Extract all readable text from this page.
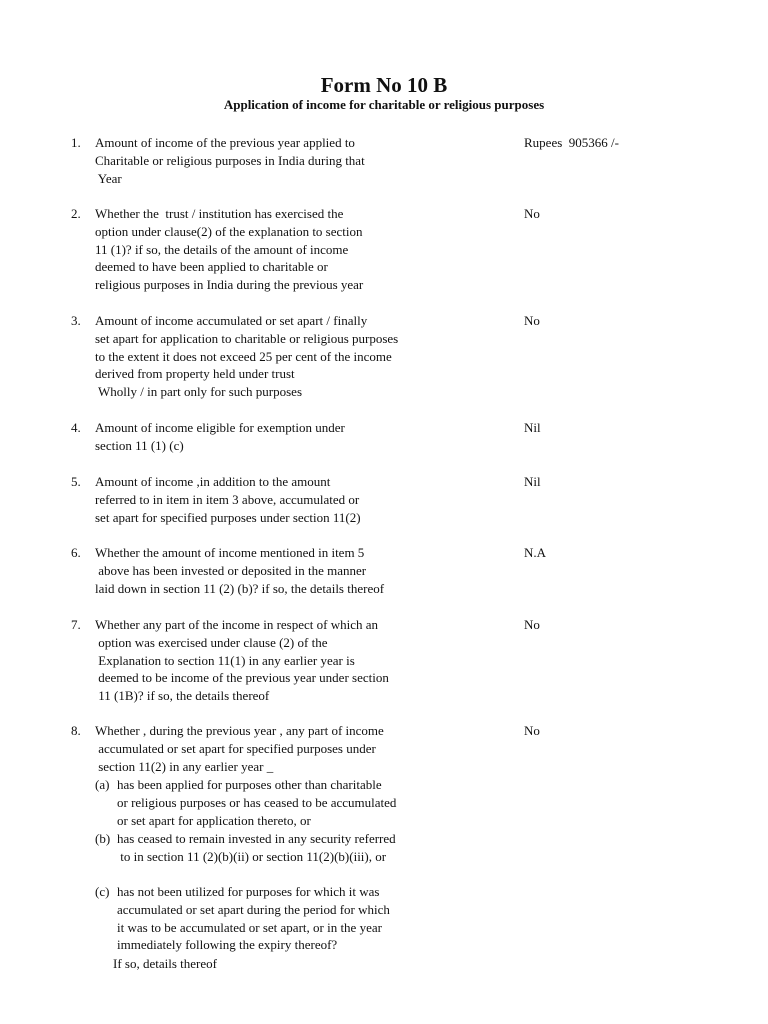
Form No 10 B
Application of income for charitable or religious purposes
1. Amount of income of the previous year applied to
Charitable or religious purposes in India during that
Year
Rupees  905366 /-
2. Whether the  trust / institution has exercised the
option under clause(2) of the explanation to section
11 (1)? if so, the details of the amount of income
deemed to have been applied to charitable or
religious purposes in India during the previous year
No
3. Amount of income accumulated or set apart / finally
set apart for application to charitable or religious purposes
to the extent it does not exceed 25 per cent of the income
derived from property held under trust
Wholly / in part only for such purposes
No
4. Amount of income eligible for exemption under
section 11 (1) (c)
Nil
5. Amount of income ,in addition to the amount
referred to in item in item 3 above, accumulated or
set apart for specified purposes under section 11(2)
Nil
6. Whether the amount of income mentioned in item 5
above has been invested or deposited in the manner
laid down in section 11 (2) (b)? if so, the details thereof
N.A
7. Whether any part of the income in respect of which an
option was exercised under clause (2) of the
Explanation to section 11(1) in any earlier year is
deemed to be income of the previous year under section
11 (1B)? if so, the details thereof
No
8. Whether , during the previous year , any part of income
accumulated or set apart for specified purposes under
section 11(2) in any earlier year _
No
(a) has been applied for purposes other than charitable
or religious purposes or has ceased to be accumulated
or set apart for application thereto, or
(b) has ceased to remain invested in any security referred
to in section 11 (2)(b)(ii) or section 11(2)(b)(iii), or
(c) has not been utilized for purposes for which it was
accumulated or set apart during the period for which
it was to be accumulated or set apart, or in the year
immediately following the expiry thereof?
If so, details thereof
